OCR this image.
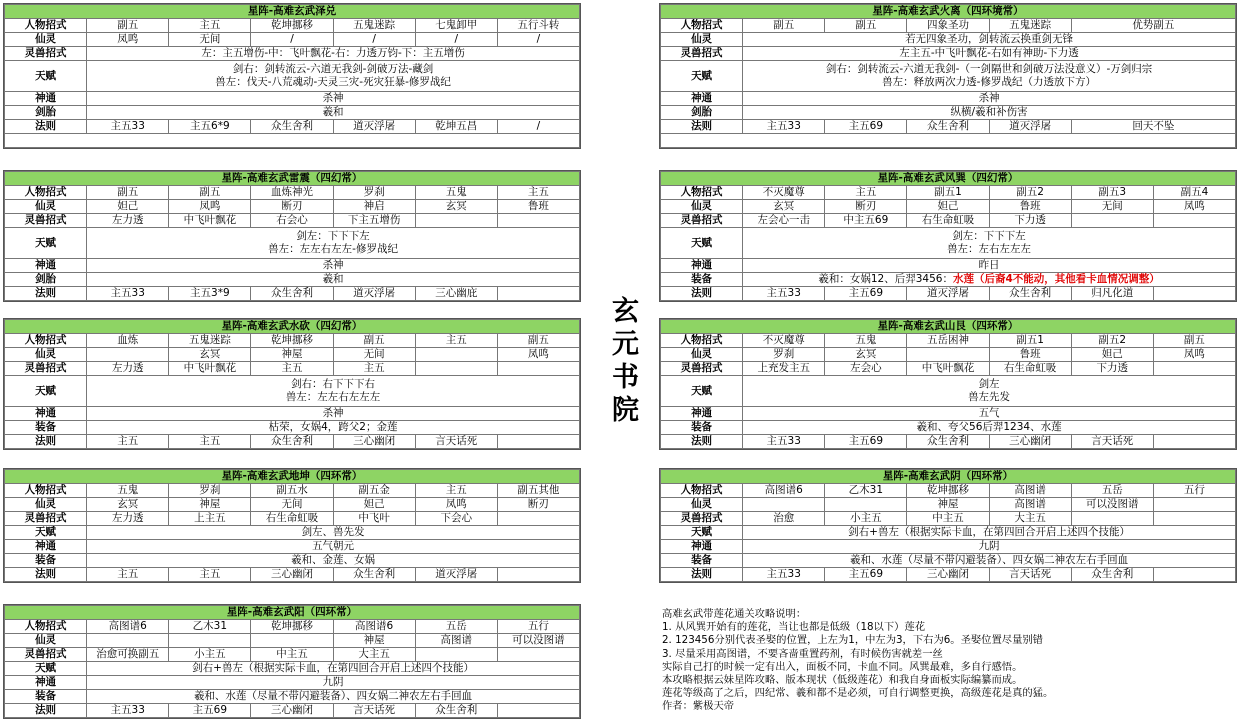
玄元书院
高难玄武带莲花通关攻略说明：
1. 从风巽开始有的莲花，当让也都是低级（18以下）莲花
2. 123456分别代表圣娶的位置，上左为1，中左为3，下右为6。圣娶位置尽量别错
3. 尽量采用高图谱，不要吝啬重置药剂，有时候伤害就差一丝
实际自己打的时候一定有出入，面板不同，卡血不同。风巽最难，多自行感悟。
本攻略根据云妹星阵攻略、版本现状（低级莲花）和我自身面板实际编纂而成。
莲花等级高了之后，四纪常、羲和都不是必须，可自行调整更换，高级莲花是真的猛。
作者：紫极天帝
星阵-高难玄武泽兑						
人物招式	副五	主五	乾坤挪移	五鬼迷踪	七鬼卸甲	五行斗转
仙灵	凤鸣	无间	/	/	/	/
灵兽招式	左：主五增伤-中：飞叶飘花-右：力透万钧-下：主五增伤					
天赋	剑右：剑转流云-六道无我剑-剑破万法-藏剑
兽左：伐天-八荒魂动-天灵三灾-死灾狂暴-修罗战纪					

神通	杀神					
剑胎	羲和					
法则	主五33	主五6*9	众生舍利	道灭浮屠	乾坤五昌	/

星阵-高难玄武雷震（四幻常）						
人物招式	副五	副五	血炼神光	罗刹	五鬼	主五
仙灵	妲己	凤鸣	断刃	神启	玄冥	鲁班
灵兽招式	左力透	中飞叶飘花	右会心	下主五增伤		
天赋	剑左：下下下左
兽左：左左右左左-修罗战纪					

神通	杀神					
剑胎	羲和					
法则	主五33	主五3*9	众生舍利	道灭浮屠	三心幽庇	
星阵-高难玄武水砍（四幻常）						
人物招式	血炼	五鬼迷踪	乾坤挪移	副五	主五	副五
仙灵		玄冥	神屋	无间		凤鸣
灵兽招式	左力透	中飞叶飘花	主五	主五		
天赋	剑右：右下下下右
兽左：左左右左左左					

神通	杀神					
装备	枯荣，女娲4，跨父2；金莲					
法则	主五	主五	众生舍利	三心幽闭	言天话死	
星阵-高难玄武地坤（四环常）						
人物招式	五鬼	罗刹	副五水	副五金	主五	副五其他
仙灵	玄冥	神屋	无间	妲己	凤鸣	断刃
灵兽招式	左力透	上主五	右生命虹吸	中飞叶	下会心	
天赋	剑左、兽先发					
神通	五气朝元					
装备	羲和、金莲、女娲					
法则	主五	主五	三心幽闭	众生舍利	道灭浮屠	
星阵-高难玄武阳（四环常）						
人物招式	高图谱6	乙木31	乾坤挪移	高图谱6	五岳	五行
仙灵				神屋	高图谱	可以没图谱
灵兽招式	治愈可换副五	小主五	中主五	大主五		
天赋	剑右+兽左（根据实际卡血，在第四回合开启上述四个技能）					
神通	九阴					
装备	羲和、水莲（尽量不带闪避装备）、四女娲二神农左右手回血					
法则	主五33	主五69	三心幽闭	言天话死	众生舍利	
星阵-高难玄武火离（四环境常）					
人物招式	副五	副五	四象圣功	五鬼迷踪	优势副五
仙灵	若无四象圣功，剑转流云换重剑无锋				
灵兽招式	左主五-中飞叶飘花-右如有神助-下力透				
天赋	剑右：剑转流云-六道无我剑-（一剑隔世和剑破万法没意义）-万剑归宗
兽左：释放两次力透-修罗战纪（力透放下方）				

神通	杀神				
剑胎	纵横/羲和补伤害				
法则	主五33	主五69	众生舍利	道灭浮屠	回天不坠

星阵-高难玄武风巽（四幻常）						
人物招式	不灭魔尊	主五	副五1	副五2	副五3	副五4
仙灵	玄冥	断刃	妲己	鲁班	无间	凤鸣
灵兽招式	左会心一击	中主五69	右生命虹吸	下力透		
天赋	剑左：下下下左
兽左：左右左左左					

神通	昨日					
装备	羲和：女娲12、后羿3456：水莲（后裔4不能动，其他看卡血情况调整）					
法则	主五33	主五69	道灭浮屠	众生舍利	归凡化道	
星阵-高难玄武山艮（四环常）						
人物招式	不灭魔尊	五鬼	五岳困神	副五1	副五2	副五
仙灵	罗刹	玄冥		鲁班	妲己	凤鸣
灵兽招式	上充发主五	左会心	中飞叶飘花	右生命虹吸	下力透	
天赋	剑左
兽左先发					

神通	五气					
装备	羲和、夸父56后羿1234、水莲					
法则	主五33	主五69	众生舍利	三心幽闭	言天话死	
星阵-高难玄武阴（四环常）						
人物招式	高图谱6	乙木31	乾坤挪移	高图谱	五岳	五行
仙灵			神屋	高图谱	可以没图谱	
灵兽招式	治愈	小主五	中主五	大主五		
天赋	剑右+兽左（根据实际卡血，在第四回合开启上述四个技能）					
神通	九阴					
装备	羲和、水莲（尽量不带闪避装备）、四女娲二神农左右手回血					
法则	主五33	主五69	三心幽闭	言天话死	众生舍利	
